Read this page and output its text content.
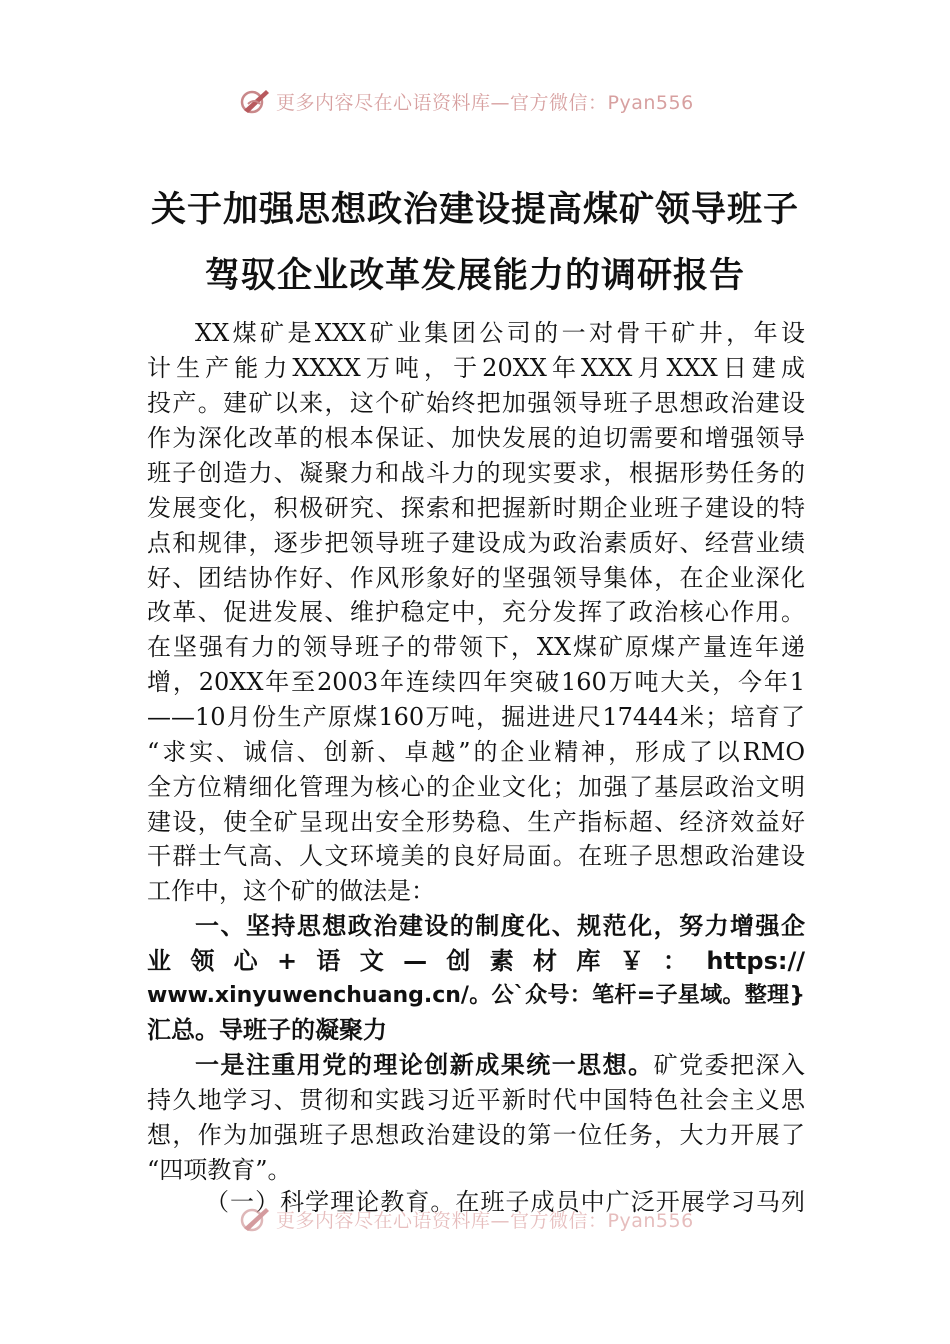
更多内容尽在心语资料库—官方微信：Pyan556
关于加强思想政治建设提高煤矿领导班子
驾驭企业改革发展能力的调研报告
XX煤矿是XXX矿业集团公司的一对骨干矿井，年设
计生产能力XXXX万吨，于20XX年XXX月XXX日建成
投产。建矿以来，这个矿始终把加强领导班子思想政治建设
作为深化改革的根本保证、加快发展的迫切需要和增强领导
班子创造力、凝聚力和战斗力的现实要求，根据形势任务的
发展变化，积极研究、探索和把握新时期企业班子建设的特
点和规律，逐步把领导班子建设成为政治素质好、经营业绩
好、团结协作好、作风形象好的坚强领导集体，在企业深化
改革、促进发展、维护稳定中，充分发挥了政治核心作用。
在坚强有力的领导班子的带领下，XX煤矿原煤产量连年递
增，20XX年至2003年连续四年突破160万吨大关，今年1
——10月份生产原煤160万吨，掘进进尺17444米；培育了
“求实、诚信、创新、卓越”的企业精神，形成了以RMO
全方位精细化管理为核心的企业文化；加强了基层政治文明
建设，使全矿呈现出安全形势稳、生产指标超、经济效益好
干群士气高、人文环境美的良好局面。在班子思想政治建设
工作中，这个矿的做法是：
一、坚持思想政治建设的制度化、规范化，努力增强企
业领心+语文—创素材库￥：https://
www.xinyuwenchuang.cn/。公`众号：笔杆=子星域。整理}
汇总。导班子的凝聚力
一是注重用党的理论创新成果统一思想。矿党委把深入
持久地学习、贯彻和实践习近平新时代中国特色社会主义思
想，作为加强班子思想政治建设的第一位任务，大力开展了
“四项教育”。
（一）科学理论教育。在班子成员中广泛开展学习马列
更多内容尽在心语资料库—官方微信：Pyan556
